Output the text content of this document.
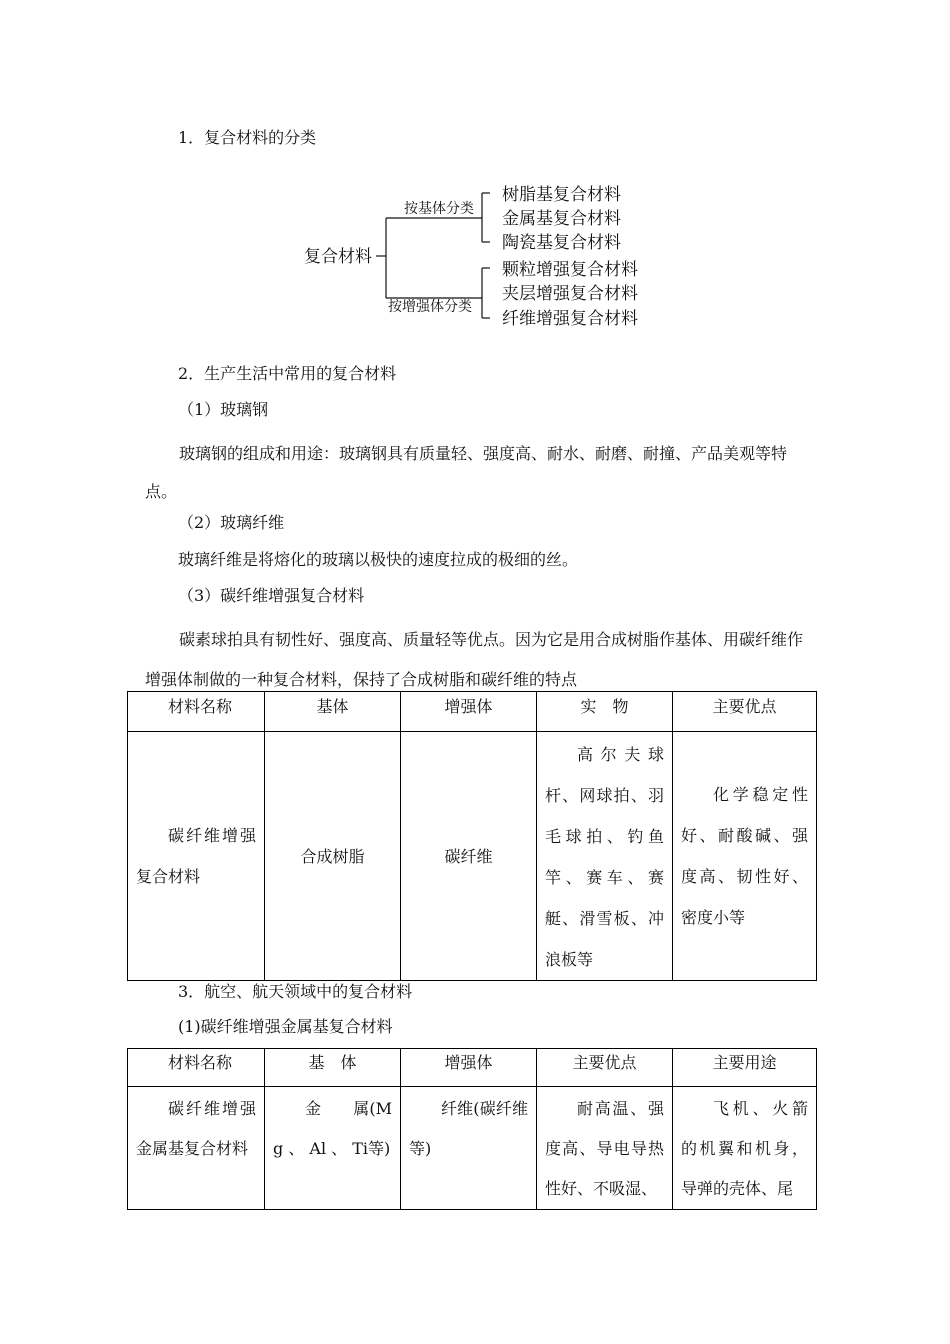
1．复合材料的分类
复合材料
按基体分类
按增强体分类
树脂基复合材料
金属基复合材料
陶瓷基复合材料
颗粒增强复合材料
夹层增强复合材料
纤维增强复合材料
2．生产生活中常用的复合材料
（1）玻璃钢
玻璃钢的组成和用途：玻璃钢具有质量轻、强度高、耐水、耐磨、耐撞、产品美观等特点。
（2）玻璃纤维
玻璃纤维是将熔化的玻璃以极快的速度拉成的极细的丝。
（3）碳纤维增强复合材料
碳素球拍具有韧性好、强度高、质量轻等优点。因为它是用合成树脂作基体、用碳纤维作增强体制做的一种复合材料，保持了合成树脂和碳纤维的特点
材料名称	基体	增强体	实　物	主要优点
碳纤维增强复合材料	合成树脂	碳纤维	高尔夫球杆、网球拍、羽毛球拍、钓鱼竿、赛车、赛艇、滑雪板、冲浪板等	化学稳定性好、耐酸碱、强度高、韧性好、密度小等
3．航空、航天领域中的复合材料
(1)碳纤维增强金属基复合材料
材料名称	基　体	增强体	主要优点	主要用途
碳纤维增强金属基复合材料	金　　属(Mg 、 Al 、 Ti等)	纤维(碳纤维等)	耐高温、强度高、导电导热性好、不吸湿、	飞机、火箭的机翼和机身，导弹的壳体、尾
